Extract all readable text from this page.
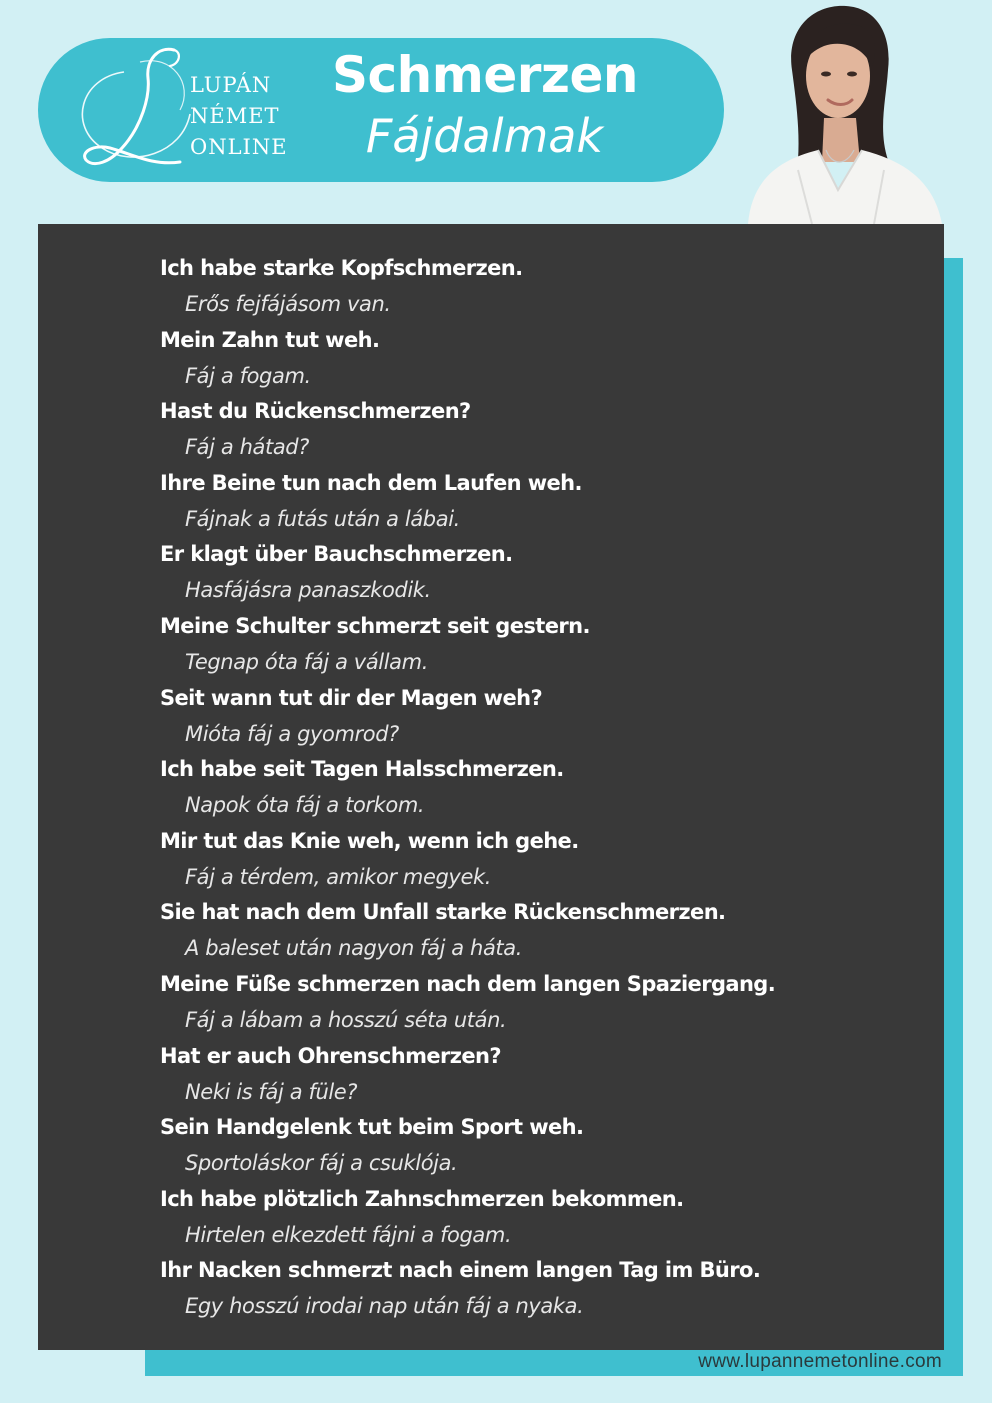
LUPÁN
NÉMET
ONLINE
Schmerzen
Fájdalmak
Ich habe starke Kopfschmerzen.
Erős fejfájásom van.
Mein Zahn tut weh.
Fáj a fogam.
Hast du Rückenschmerzen?
Fáj a hátad?
Ihre Beine tun nach dem Laufen weh.
Fájnak a futás után a lábai.
Er klagt über Bauchschmerzen.
Hasfájásra panaszkodik.
Meine Schulter schmerzt seit gestern.
Tegnap óta fáj a vállam.
Seit wann tut dir der Magen weh?
Mióta fáj a gyomrod?
Ich habe seit Tagen Halsschmerzen.
Napok óta fáj a torkom.
Mir tut das Knie weh, wenn ich gehe.
Fáj a térdem, amikor megyek.
Sie hat nach dem Unfall starke Rückenschmerzen.
A baleset után nagyon fáj a háta.
Meine Füße schmerzen nach dem langen Spaziergang.
Fáj a lábam a hosszú séta után.
Hat er auch Ohrenschmerzen?
Neki is fáj a füle?
Sein Handgelenk tut beim Sport weh.
Sportoláskor fáj a csuklója.
Ich habe plötzlich Zahnschmerzen bekommen.
Hirtelen elkezdett fájni a fogam.
Ihr Nacken schmerzt nach einem langen Tag im Büro.
Egy hosszú irodai nap után fáj a nyaka.
www.lupannemetonline.com
